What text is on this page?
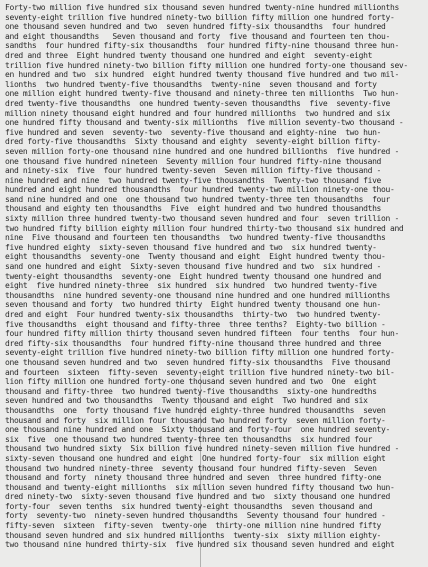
Forty-two million five hundred six thousand seven hundred twenty-nine hundred millionths
seventy-eight trillion five hundred ninety-two billion fifty million one hundred forty-
one thousand seven hundred and two  seven hundred fifty-six thousandths  four hundred
and eight thousandths   Seven thousand and forty  five thousand and fourteen ten thou-
sandths  four hundred fifty-six thousandths  four hundred fifty-nine thousand three hun-
dred and three  Eight hundred twenty thousand one hundred and eight  seventy-eight
trillion five hundred ninety-two billion fifty million one hundred forty-one thousand sev-
en hundred and two  six hundred  eight hundred twenty thousand five hundred and two mil-
lionths  two hundred twenty-five thousandths  twenty-nine  seven thousand and forty
one million eight hundred twenty-five thousand and ninety-three ten millionths  Two hun-
dred twenty-five thousandths  one hundred twenty-seven thousandths  five  seventy-five
million ninety thousand eight hundred and four hundred millionths  two hundred and six
one hundred fifty thousand and twenty-six millionths  five million seventy-two thousand -
five hundred and seven  seventy-two  seventy-five thousand and eighty-nine  two hun-
dred forty-five thousandths  Sixty thousand and eighty  seventy-eight billion fifty-
seven million forty-one thousand nine hundred and one hundred billionths  five hundred -
one thousand five hundred nineteen  Seventy million four hundred fifty-nine thousand
and ninety-six  five  four hundred twenty-seven  Seven million fifty-five thousand -
nine hundred and nine  two hundred twenty-five thousandths  Twenty-two thousand five
hundred and eight hundred thousandths  four hundred twenty-two million ninety-one thou-
sand nine hundred and one  one thousand two hundred twenty-three ten thousandths  four
thousand and eighty ten thousandths  Five  eight hundred and two hundred thousandths
sixty million three hundred twenty-two thousand seven hundred and four  seven trillion -
two hundred fifty billion eighty million four hundred thirty-two thousand six hundred and
nine  Five thousand and fourteen ten thousandths  two hundred twenty-five thousandths
five hundred eighty  sixty-seven thousand five hundred and two  six hundred twenty-
eight thousandths  seventy-one  Twenty thousand and eight  Eight hundred twenty thou-
sand one hundred and eight  Sixty-seven thousand five hundred and two  six hundred -
twenty-eight thousandths  seventy-one  Eight hundred twenty thousand one hundred and
eight  five hundred ninety-three  six hundred  six hundred  two hundred twenty-five
thousandths  nine hundred seventy-one thousand nine hundred and one hundred millionths
seven thousand and forty  two hundred thirty  Eight hundred twenty thousand one hun-
dred and eight  Four hundred twenty-six thousandths  thirty-two  two hundred twenty-
five thousandths  eight thousand and fifty-three  three tenths?  Eighty-two billion -
four hundred fifty million thirty thousand seven hundred fifteen  four tenths  four hun-
dred fifty-six thousandths  four hundred fifty-nine thousand three hundred and three
seventy-eight trillion five hundred ninety-two billion fifty million one hundred forty-
one thousand seven hundred and two  seven hundred fifty-six thousandths  Five thousand
and fourteen  sixteen  fifty-seven  seventy-eight trillion five hundred ninety-two bil-
lion fifty million one hundred forty-one thousand seven hundred and two  One  eight
thousand and fifty-three  two hundred twenty-five thousandths  sixty-one hundredths
seven hundred and two thousandths  Twenty thousand and eight  Two hundred and six
thousandths  one  forty thousand five hundred eighty-three hundred thousandths  seven
thousand and forty  six million four thousand two hundred forty  seven million forty-
one thousand nine hundred and one  Sixty thousand and forty-four  one hundred seventy-
six  five  one thousand two hundred twenty-three ten thousandths  six hundred four
thousand two hundred sixty  Six billion five hundred ninety-seven million five hundred -
sixty-seven thousand one hundred and eight  One hundred forty-four  six million eight
thousand two hundred ninety-three  seventy thousand four hundred fifty-seven  Seven
thousand and forty  ninety thousand three hundred and seven  three hundred fifty-one
thousand and twenty-eight millionths  six million seven hundred fifty thousand two hun-
dred ninety-two  sixty-seven thousand five hundred and two  sixty thousand one hundred
forty-four  seven tenths  six hundred twenty-eight thousandths  seven thousand and
forty  seventy-two  ninety-seven hundred thousandths  Seventy thousand four hundred -
fifty-seven  sixteen  fifty-seven  twenty-one  thirty-one million nine hundred fifty
thousand seven hundred and six hundred millionths  twenty-six  sixty million eighty-
two thousand nine hundred thirty-six  five hundred six thousand seven hundred and eight
